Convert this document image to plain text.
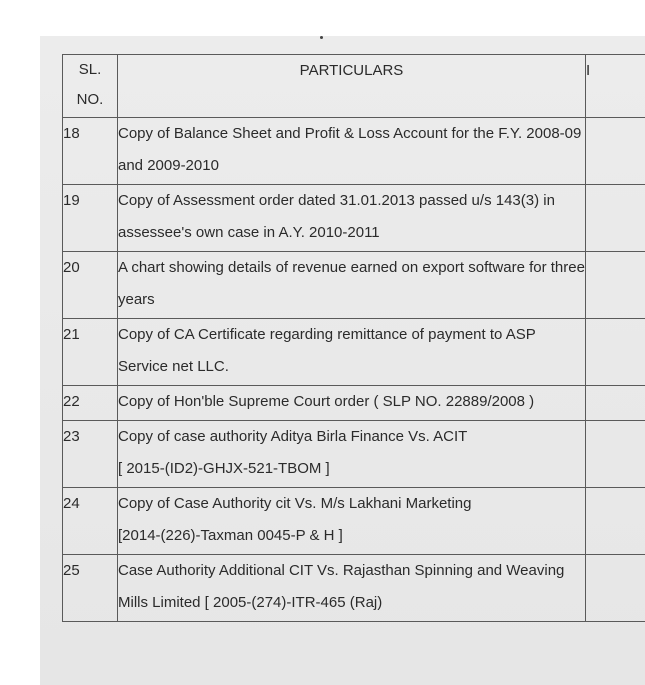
SL.
NO.	PARTICULARS	I
18	Copy of Balance Sheet and Profit & Loss Account for the F.Y. 2008-09
and 2009-2010	

19	Copy of Assessment order dated 31.01.2013 passed u/s 143(3) in
assessee's own case in A.Y. 2010-2011	

20	A chart showing details of revenue earned on export software for three
years	

21	Copy of CA Certificate regarding remittance of payment to ASP
Service net LLC.	

22	Copy of Hon'ble Supreme Court order ( SLP NO. 22889/2008 )	

23	Copy of case authority Aditya Birla Finance Vs. ACIT
[ 2015-(ID2)-GHJX-521-TBOM ]	

24	Copy of Case Authority cit Vs. M/s Lakhani Marketing
[2014-(226)-Taxman 0045-P & H ]	

25	Case Authority Additional CIT Vs. Rajasthan Spinning and Weaving
Mills Limited [ 2005-(274)-ITR-465 (Raj)	
